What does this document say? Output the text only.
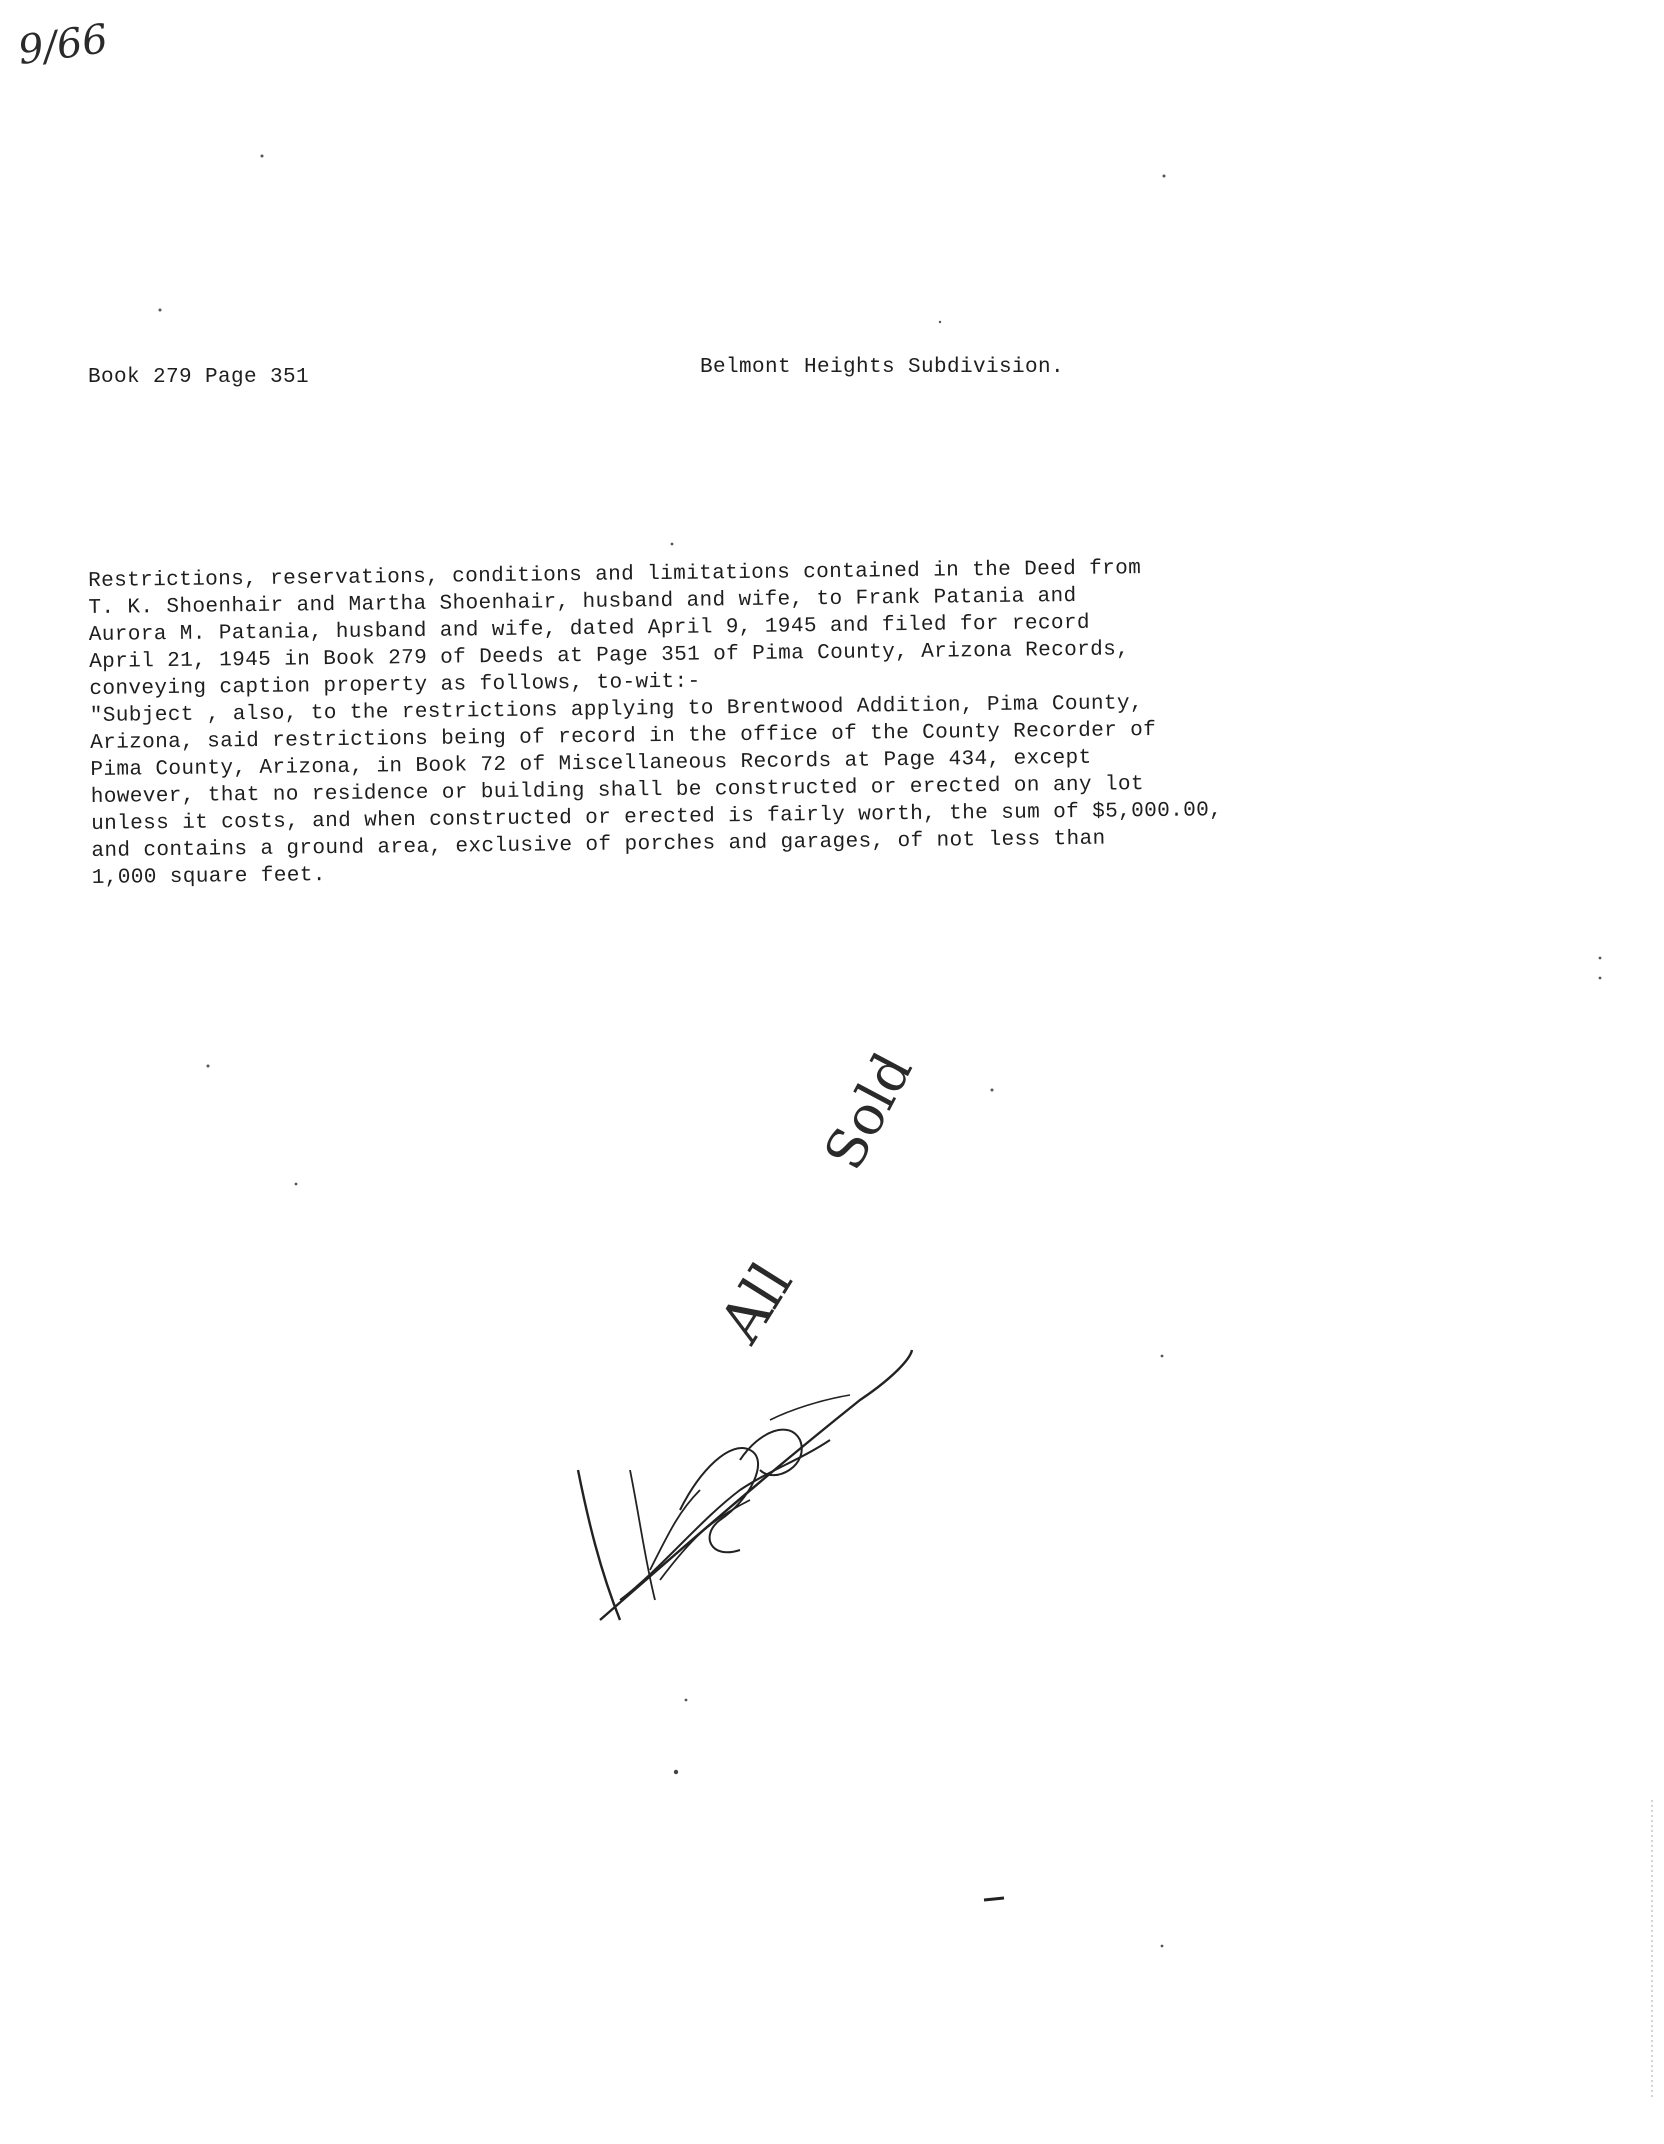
9/66
Book 279 Page 351	Belmont Heights Subdivision.
Restrictions, reservations, conditions and limitations contained in the Deed from
T. K. Shoenhair and Martha Shoenhair, husband and wife, to Frank Patania and
Aurora M. Patania, husband and wife, dated April 9, 1945 and filed for record
April 21, 1945 in Book 279 of Deeds at Page 351 of Pima County, Arizona Records,
conveying caption property as follows, to-wit:-
"Subject , also, to the restrictions applying to Brentwood Addition, Pima County,
Arizona, said restrictions being of record in the office of the County Recorder of
Pima County, Arizona, in Book 72 of Miscellaneous Records at Page 434, except
however, that no residence or building shall be constructed or erected on any lot
unless it costs, and when constructed or erected is fairly worth, the sum of $5,000.00,
and contains a ground area, exclusive of porches and garages, of not less than
1,000 square feet.
Sold
All
